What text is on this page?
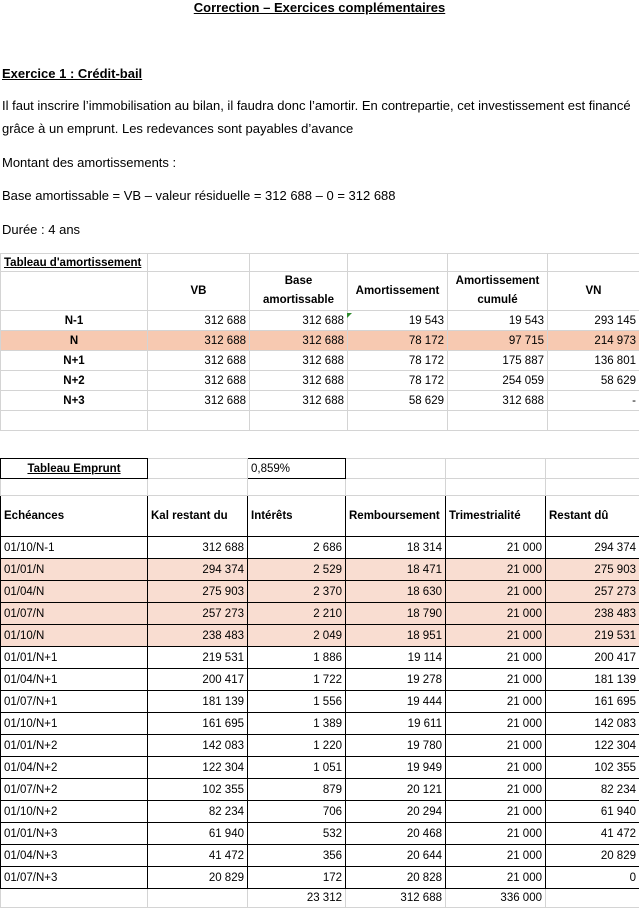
Correction – Exercices complémentaires
Exercice 1 : Crédit-bail

Il faut inscrire l’immobilisation au bilan, il faudra donc l’amortir. En contrepartie, cet investissement est financé grâce à un emprunt. Les redevances sont payables d’avance

Montant des amortissements :

Base amortissable = VB – valeur résiduelle = 312 688 – 0 = 312 688

Durée : 4 ans

Tableau d'amortissement					
	VB	Base amortissable	Amortissement	Amortissement cumulé	VN
N-1	312 688	312 688	19 543	19 543	293 145
N	312 688	312 688	78 172	97 715	214 973
N+1	312 688	312 688	78 172	175 887	136 801
N+2	312 688	312 688	78 172	254 059	58 629
N+3	312 688	312 688	58 629	312 688	-

Tableau Emprunt		0,859%			

Echéances	Kal restant du	Intérêts	Remboursement	Trimestrialité	Restant dû
01/10/N-1	312 688	2 686	18 314	21 000	294 374
01/01/N	294 374	2 529	18 471	21 000	275 903
01/04/N	275 903	2 370	18 630	21 000	257 273
01/07/N	257 273	2 210	18 790	21 000	238 483
01/10/N	238 483	2 049	18 951	21 000	219 531
01/01/N+1	219 531	1 886	19 114	21 000	200 417
01/04/N+1	200 417	1 722	19 278	21 000	181 139
01/07/N+1	181 139	1 556	19 444	21 000	161 695
01/10/N+1	161 695	1 389	19 611	21 000	142 083
01/01/N+2	142 083	1 220	19 780	21 000	122 304
01/04/N+2	122 304	1 051	19 949	21 000	102 355
01/07/N+2	102 355	879	20 121	21 000	82 234
01/10/N+2	82 234	706	20 294	21 000	61 940
01/01/N+3	61 940	532	20 468	21 000	41 472
01/04/N+3	41 472	356	20 644	21 000	20 829
01/07/N+3	20 829	172	20 828	21 000	0
		23 312	312 688	336 000	
